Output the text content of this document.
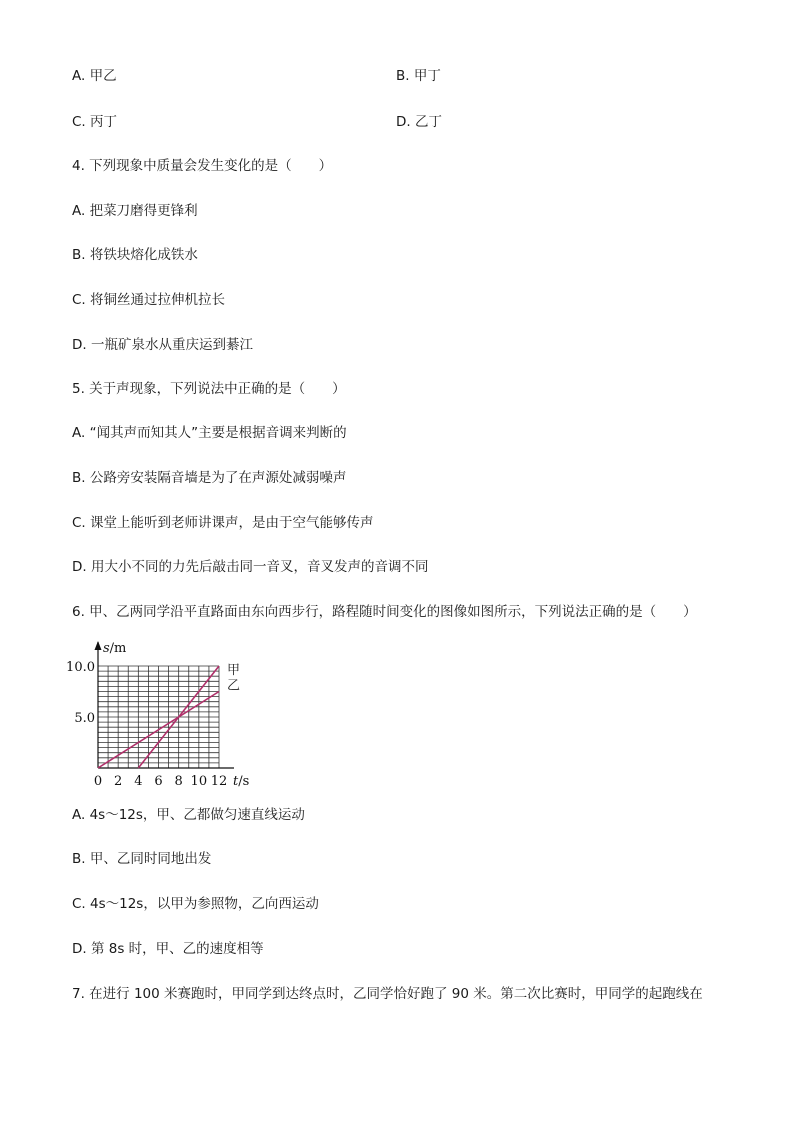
A. 甲乙	B. 甲丁
C. 丙丁	D. 乙丁
4. 下列现象中质量会发生变化的是（　　）
A. 把菜刀磨得更锋利
B. 将铁块熔化成铁水
C. 将铜丝通过拉伸机拉长
D. 一瓶矿泉水从重庆运到綦江
5. 关于声现象，下列说法中正确的是（　　）
A. “闻其声而知其人”主要是根据音调来判断的
B. 公路旁安装隔音墙是为了在声源处减弱噪声
C. 课堂上能听到老师讲课声，是由于空气能够传声
D. 用大小不同的力先后敲击同一音叉，音叉发声的音调不同
6. 甲、乙两同学沿平直路面由东向西步行，路程随时间变化的图像如图所示，下列说法正确的是（　　）
甲
乙
0 2 4 6 8 10 12 t/s
5.0
10.0
s/m
A. 4s～12s，甲、乙都做匀速直线运动
B. 甲、乙同时同地出发
C. 4s～12s，以甲为参照物，乙向西运动
D. 第 8s 时，甲、乙的速度相等
7. 在进行 100 米赛跑时，甲同学到达终点时，乙同学恰好跑了 90 米。第二次比赛时，甲同学的起跑线在
